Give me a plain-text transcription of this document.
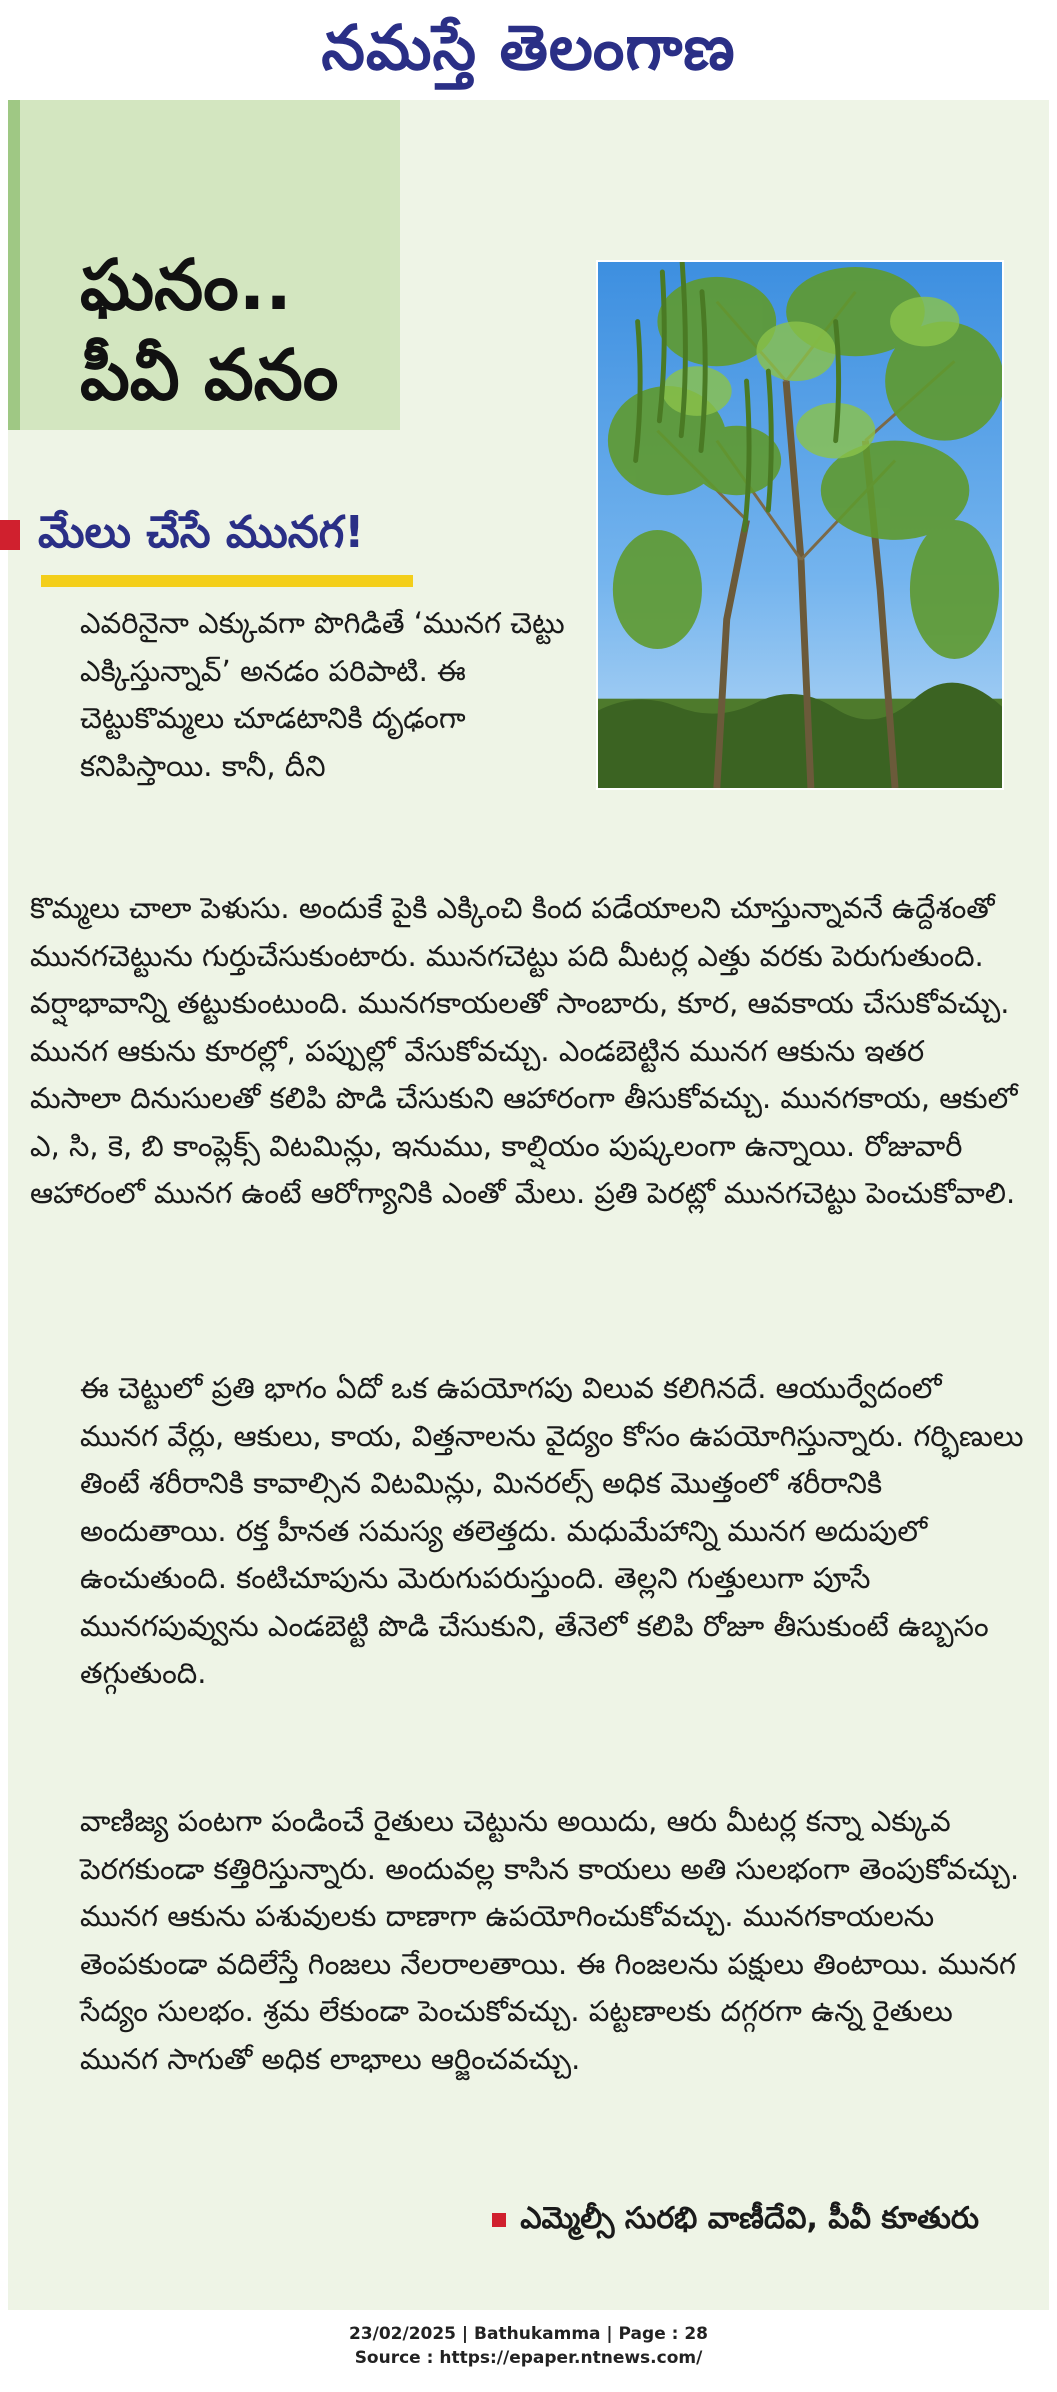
నమస్తే తెలంగాణ
ఘనం..
పీవీ వనం
మేలు చేసే మునగ!

ఎవరినైనా ఎక్కువగా పొగిడితే ‘మునగ చెట్టు ఎక్కిస్తున్నావ్’ అనడం పరిపాటి. ఈ చెట్టుకొమ్మలు చూడటానికి దృఢంగా కనిపిస్తాయి. కానీ, దీని

కొమ్మలు చాలా పెళుసు. అందుకే పైకి ఎక్కించి కింద పడేయాలని చూస్తున్నావనే ఉద్దేశంతో మునగచెట్టును గుర్తుచేసుకుంటారు. మునగచెట్టు పది మీటర్ల ఎత్తు వరకు పెరుగుతుంది. వర్షాభావాన్ని తట్టుకుంటుంది. మునగకాయలతో సాంబారు, కూర, ఆవకాయ చేసుకోవచ్చు. మునగ ఆకును కూరల్లో, పప్పుల్లో వేసుకోవచ్చు. ఎండబెట్టిన మునగ ఆకును ఇతర మసాలా దినుసులతో కలిపి పొడి చేసుకుని ఆహారంగా తీసుకోవచ్చు. మునగకాయ, ఆకులో ఎ, సి, కె, బి కాంప్లెక్స్ విటమిన్లు, ఇనుము, కాల్షియం పుష్కలంగా ఉన్నాయి. రోజువారీ ఆహారంలో మునగ ఉంటే ఆరోగ్యానికి ఎంతో మేలు. ప్రతి పెరట్లో మునగచెట్టు పెంచుకోవాలి.

ఈ చెట్టులో ప్రతి భాగం ఏదో ఒక ఉపయోగపు విలువ కలిగినదే. ఆయుర్వేదంలో మునగ వేర్లు, ఆకులు, కాయ, విత్తనాలను వైద్యం కోసం ఉపయోగిస్తున్నారు. గర్భిణులు తింటే శరీరానికి కావాల్సిన విటమిన్లు, మినరల్స్ అధిక మొత్తంలో శరీరానికి అందుతాయి. రక్త హీనత సమస్య తలెత్తదు. మధుమేహాన్ని మునగ అదుపులో ఉంచుతుంది. కంటిచూపును మెరుగుపరుస్తుంది. తెల్లని గుత్తులుగా పూసే మునగపువ్వును ఎండబెట్టి పొడి చేసుకుని, తేనెలో కలిపి రోజూ తీసుకుంటే ఉబ్బసం తగ్గుతుంది.

వాణిజ్య పంటగా పండించే రైతులు చెట్టును అయిదు, ఆరు మీటర్ల కన్నా ఎక్కువ పెరగకుండా కత్తిరిస్తున్నారు. అందువల్ల కాసిన కాయలు అతి సులభంగా తెంపుకోవచ్చు. మునగ ఆకును పశువులకు దాణాగా ఉపయోగించుకోవచ్చు. మునగకాయలను తెంపకుండా వదిలేస్తే గింజలు నేలరాలతాయి. ఈ గింజలను పక్షులు తింటాయి. మునగ సేద్యం సులభం. శ్రమ లేకుండా పెంచుకోవచ్చు. పట్టణాలకు దగ్గరగా ఉన్న రైతులు మునగ సాగుతో అధిక లాభాలు ఆర్జించవచ్చు.

ఎమ్మెల్సీ సురభి వాణీదేవి, పీవీ కూతురు
23/02/2025 | Bathukamma | Page : 28
Source : https://epaper.ntnews.com/
